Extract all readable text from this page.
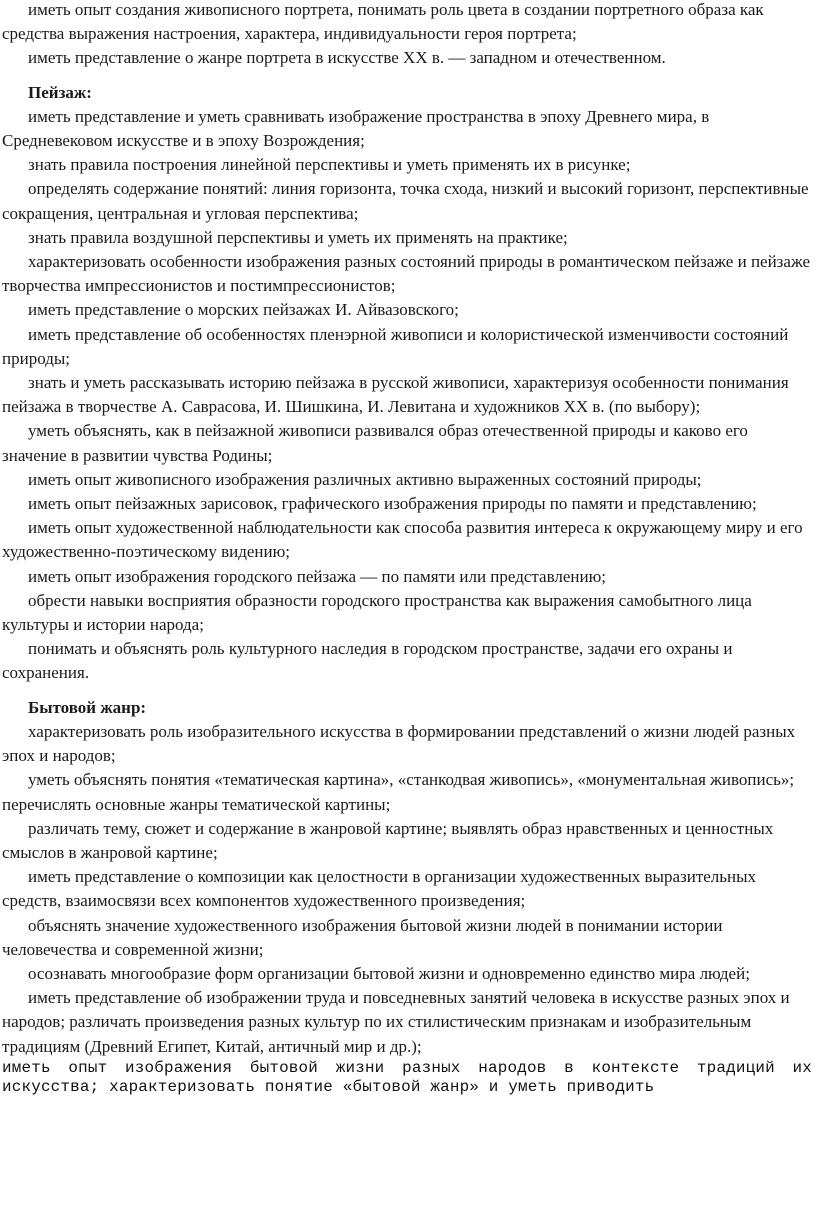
иметь опыт создания живописного портрета, понимать роль цвета в создании портретного образа как средства выражения настроения, характера, индивидуальности героя портрета;

иметь представление о жанре портрета в искусстве ХХ в. — западном и отечественном.

Пейзаж:

иметь представление и уметь сравнивать изображение пространства в эпоху Древнего мира, в Средневековом искусстве и в эпоху Возрождения;

знать правила построения линейной перспективы и уметь применять их в рисунке;

определять содержание понятий: линия горизонта, точка схода, низкий и высокий горизонт, перспективные сокращения, центральная и угловая перспектива;

знать правила воздушной перспективы и уметь их применять на практике;

характеризовать особенности изображения разных состояний природы в романтическом пейзаже и пейзаже творчества импрессионистов и постимпрессионистов;

иметь представление о морских пейзажах И. Айвазовского;

иметь представление об особенностях пленэрной живописи и колористической изменчивости состояний природы;

знать и уметь рассказывать историю пейзажа в русской живописи, характеризуя особенности понимания пейзажа в творчестве А. Саврасова, И. Шишкина, И. Левитана и художников ХХ в. (по выбору);

уметь объяснять, как в пейзажной живописи развивался образ отечественной природы и каково его значение в развитии чувства Родины;

иметь опыт живописного изображения различных активно выраженных состояний природы;

иметь опыт пейзажных зарисовок, графического изображения природы по памяти и представлению;

иметь опыт художественной наблюдательности как способа развития интереса к окружающему миру и его художественно-поэтическому видению;

иметь опыт изображения городского пейзажа — по памяти или представлению;

обрести навыки восприятия образности городского пространства как выражения самобытного лица культуры и истории народа;

понимать и объяснять роль культурного наследия в городском пространстве, задачи его охраны и сохранения.

Бытовой жанр:

характеризовать роль изобразительного искусства в формировании представлений о жизни людей разных эпох и народов;

уметь объяснять понятия «тематическая картина», «станкодвая живопись», «монументальная живопись»; перечислять основные жанры тематической картины;

различать тему, сюжет и содержание в жанровой картине; выявлять образ нравственных и ценностных смыслов в жанровой картине;

иметь представление о композиции как целостности в организации художественных выразительных средств, взаимосвязи всех компонентов художественного произведения;

объяснять значение художественного изображения бытовой жизни людей в понимании истории человечества и современной жизни;

осознавать многообразие форм организации бытовой жизни и одновременно единство мира людей;

иметь представление об изображении труда и повседневных занятий человека в искусстве разных эпох и народов; различать произведения разных культур по их стилистическим признакам и изобразительным традициям (Древний Египет, Китай, античный мир и др.);

иметь опыт изображения бытовой жизни разных народов в контексте традиций их искусства; характеризовать понятие «бытовой жанр» и уметь приводить
